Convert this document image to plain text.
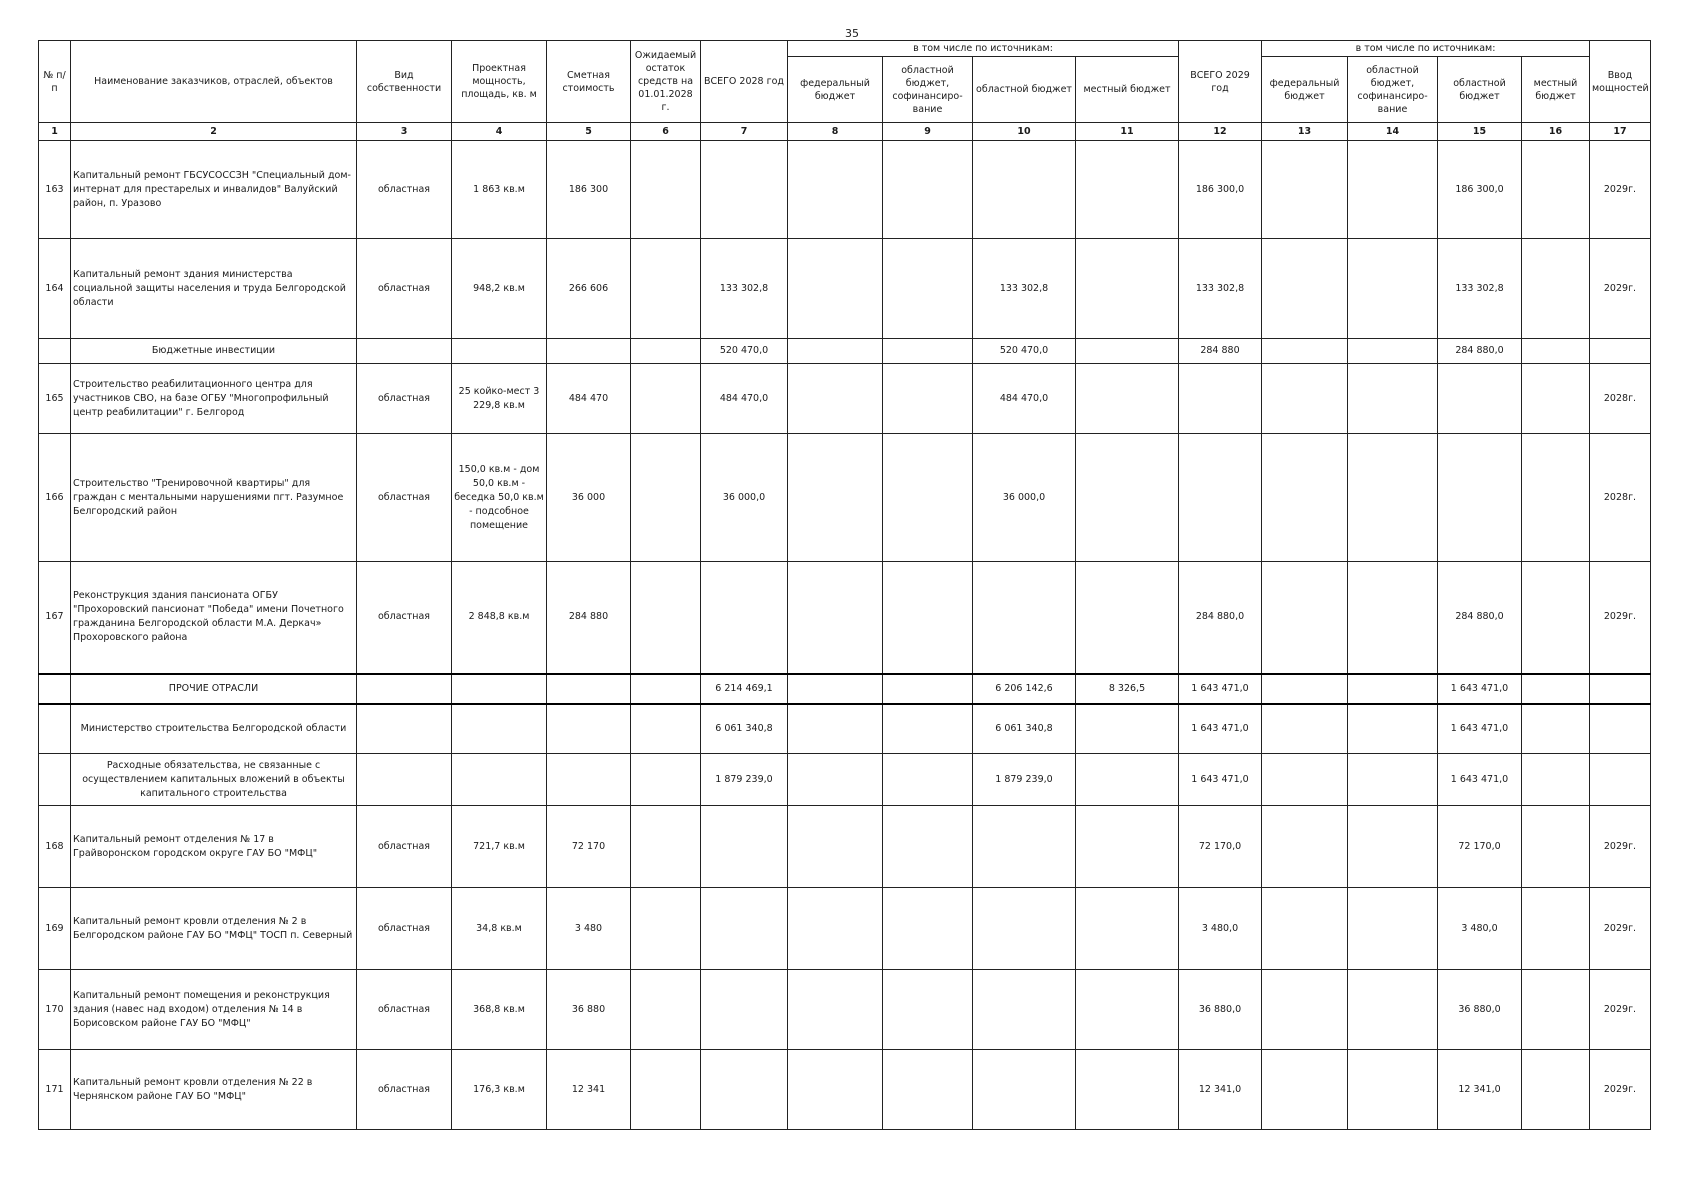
35
№ п/п	Наименование заказчиков, отраслей, объектов	Вид собственности	Проектная мощность, площадь, кв. м	Сметная стоимость	Ожидаемый остаток средств на 01.01.2028 г.	ВСЕГО 2028 год	в том числе по источникам:				ВСЕГО 2029 год	в том числе по источникам:				Ввод мощностей
							федеральный бюджет	областной бюджет, софинансиро-вание	областной бюджет	местный бюджет		федеральный бюджет	областной бюджет, софинансиро-вание	областной бюджет	местный бюджет	
1	2	3	4	5	6	7	8	9	10	11	12	13	14	15	16	17
163	Капитальный ремонт ГБСУСОССЗН "Специальный дом-интернат для престарелых и инвалидов" Валуйский район, п. Уразово	областная	1 863 кв.м	186 300							186 300,0			186 300,0		2029г.
164	Капитальный ремонт здания министерства социальной защиты населения и труда Белгородской области	областная	948,2 кв.м	266 606		133 302,8			133 302,8		133 302,8			133 302,8		2029г.
	Бюджетные инвестиции					520 470,0			520 470,0		284 880			284 880,0		
165	Строительство реабилитационного центра для участников СВО, на базе ОГБУ "Многопрофильный центр реабилитации" г. Белгород	областная	25 койко-мест 3 229,8 кв.м	484 470		484 470,0			484 470,0							2028г.
166	Строительство "Тренировочной квартиры" для граждан с ментальными нарушениями пгт. Разумное Белгородский район	областная	150,0 кв.м - дом 50,0 кв.м - беседка 50,0 кв.м - подсобное помещение	36 000		36 000,0			36 000,0							2028г.
167	Реконструкция здания пансионата ОГБУ "Прохоровский пансионат "Победа" имени Почетного гражданина Белгородской области М.А. Деркач» Прохоровского района	областная	2 848,8 кв.м	284 880							284 880,0			284 880,0		2029г.
	ПРОЧИЕ ОТРАСЛИ					6 214 469,1			6 206 142,6	8 326,5	1 643 471,0			1 643 471,0		
	Министерство строительства Белгородской области					6 061 340,8			6 061 340,8		1 643 471,0			1 643 471,0		
	Расходные обязательства, не связанные с осуществлением капитальных вложений в объекты капитального строительства					1 879 239,0			1 879 239,0		1 643 471,0			1 643 471,0		
168	Капитальный ремонт отделения № 17 в Грайворонском городском округе ГАУ БО "МФЦ"	областная	721,7 кв.м	72 170							72 170,0			72 170,0		2029г.
169	Капитальный ремонт кровли отделения № 2 в Белгородском районе ГАУ БО "МФЦ" ТОСП п. Северный	областная	34,8 кв.м	3 480							3 480,0			3 480,0		2029г.
170	Капитальный ремонт помещения и реконструкция здания (навес над входом) отделения № 14 в Борисовском районе ГАУ БО "МФЦ"	областная	368,8 кв.м	36 880							36 880,0			36 880,0		2029г.
171	Капитальный ремонт кровли отделения № 22 в Чернянском районе ГАУ БО "МФЦ"	областная	176,3 кв.м	12 341							12 341,0			12 341,0		2029г.
